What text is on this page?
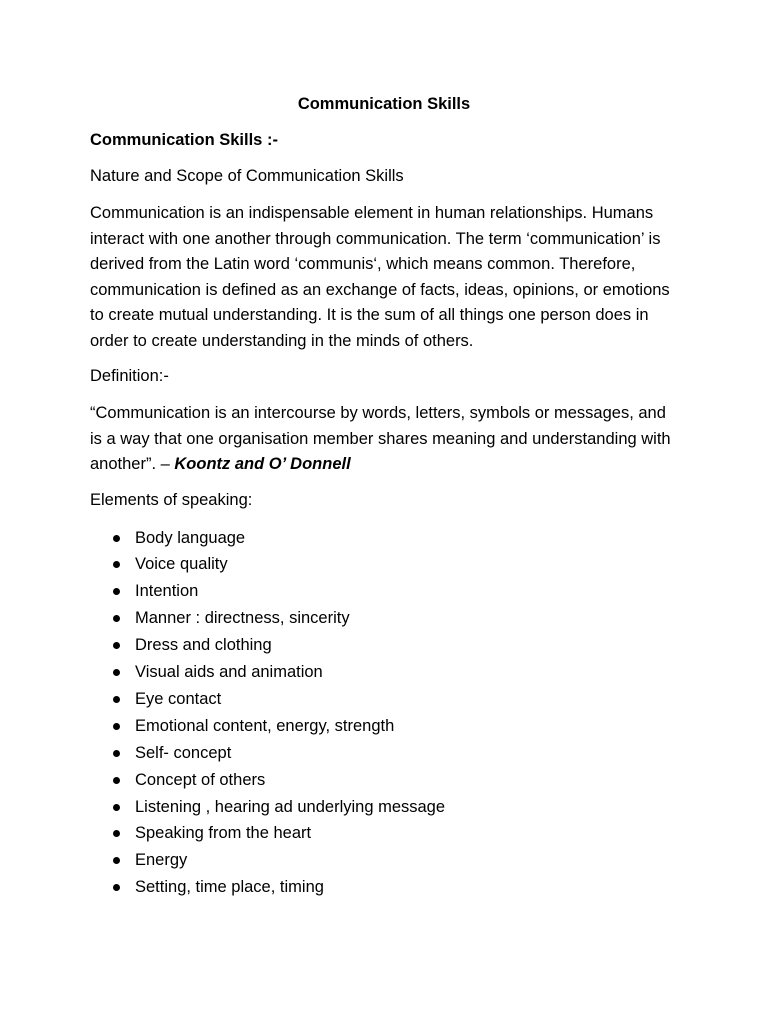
Communication Skills
Communication Skills :-
Nature and Scope of Communication Skills
Communication is an indispensable element in human relationships. Humans interact with one another through communication. The term ‘communication’ is derived from the Latin word ‘communis‘, which means common. Therefore, communication is defined as an exchange of facts, ideas, opinions, or emotions to create mutual understanding. It is the sum of all things one person does in order to create understanding in the minds of others.
Definition:-
“Communication is an intercourse by words, letters, symbols or messages, and is a way that one organisation member shares meaning and understanding with another”. – Koontz and O’ Donnell
Elements of speaking:
Body language
Voice quality
Intention
Manner : directness, sincerity
Dress and clothing
Visual aids and animation
Eye contact
Emotional content, energy, strength
Self- concept
Concept of others
Listening , hearing ad underlying message
Speaking from the heart
Energy
Setting, time place, timing
